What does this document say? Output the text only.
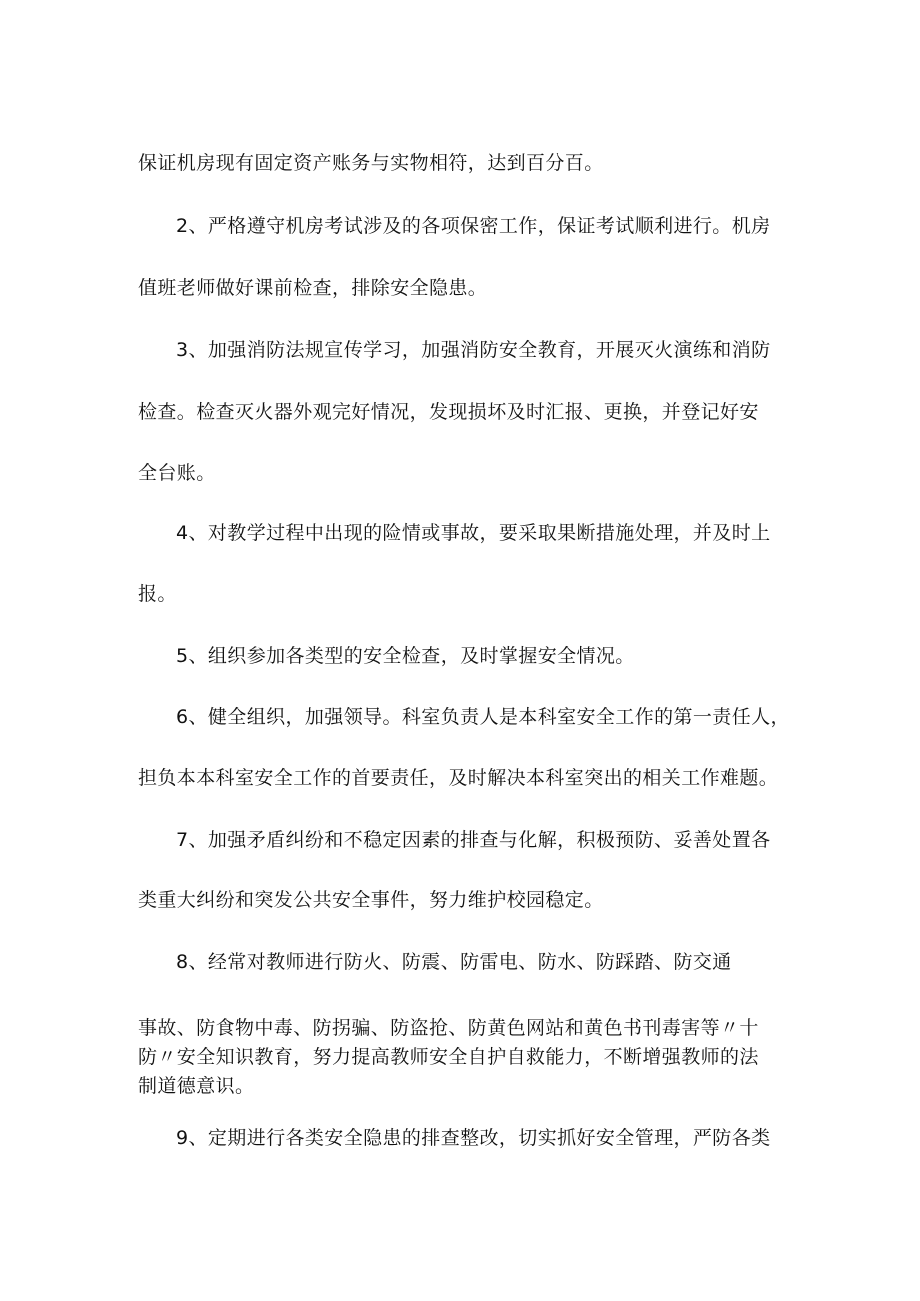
保证机房现有固定资产账务与实物相符，达到百分百。
2、严格遵守机房考试涉及的各项保密工作，保证考试顺利进行。机房
值班老师做好课前检查，排除安全隐患。
3、加强消防法规宣传学习，加强消防安全教育，开展灭火演练和消防
检查。检查灭火器外观完好情况，发现损坏及时汇报、更换，并登记好安
全台账。
4、对教学过程中出现的险情或事故，要采取果断措施处理，并及时上
报。
5、组织参加各类型的安全检查，及时掌握安全情况。
6、健全组织，加强领导。科室负责人是本科室安全工作的第一责任人，
担负本本科室安全工作的首要责任，及时解决本科室突出的相关工作难题。
7、加强矛盾纠纷和不稳定因素的排查与化解，积极预防、妥善处置各
类重大纠纷和突发公共安全事件，努力维护校园稳定。
8、经常对教师进行防火、防震、防雷电、防水、防踩踏、防交通
事故、防食物中毒、防拐骗、防盗抢、防黄色网站和黄色书刊毒害等〃十
防〃安全知识教育，努力提高教师安全自护自救能力，不断增强教师的法
制道德意识。
9、定期进行各类安全隐患的排查整改，切实抓好安全管理，严防各类
